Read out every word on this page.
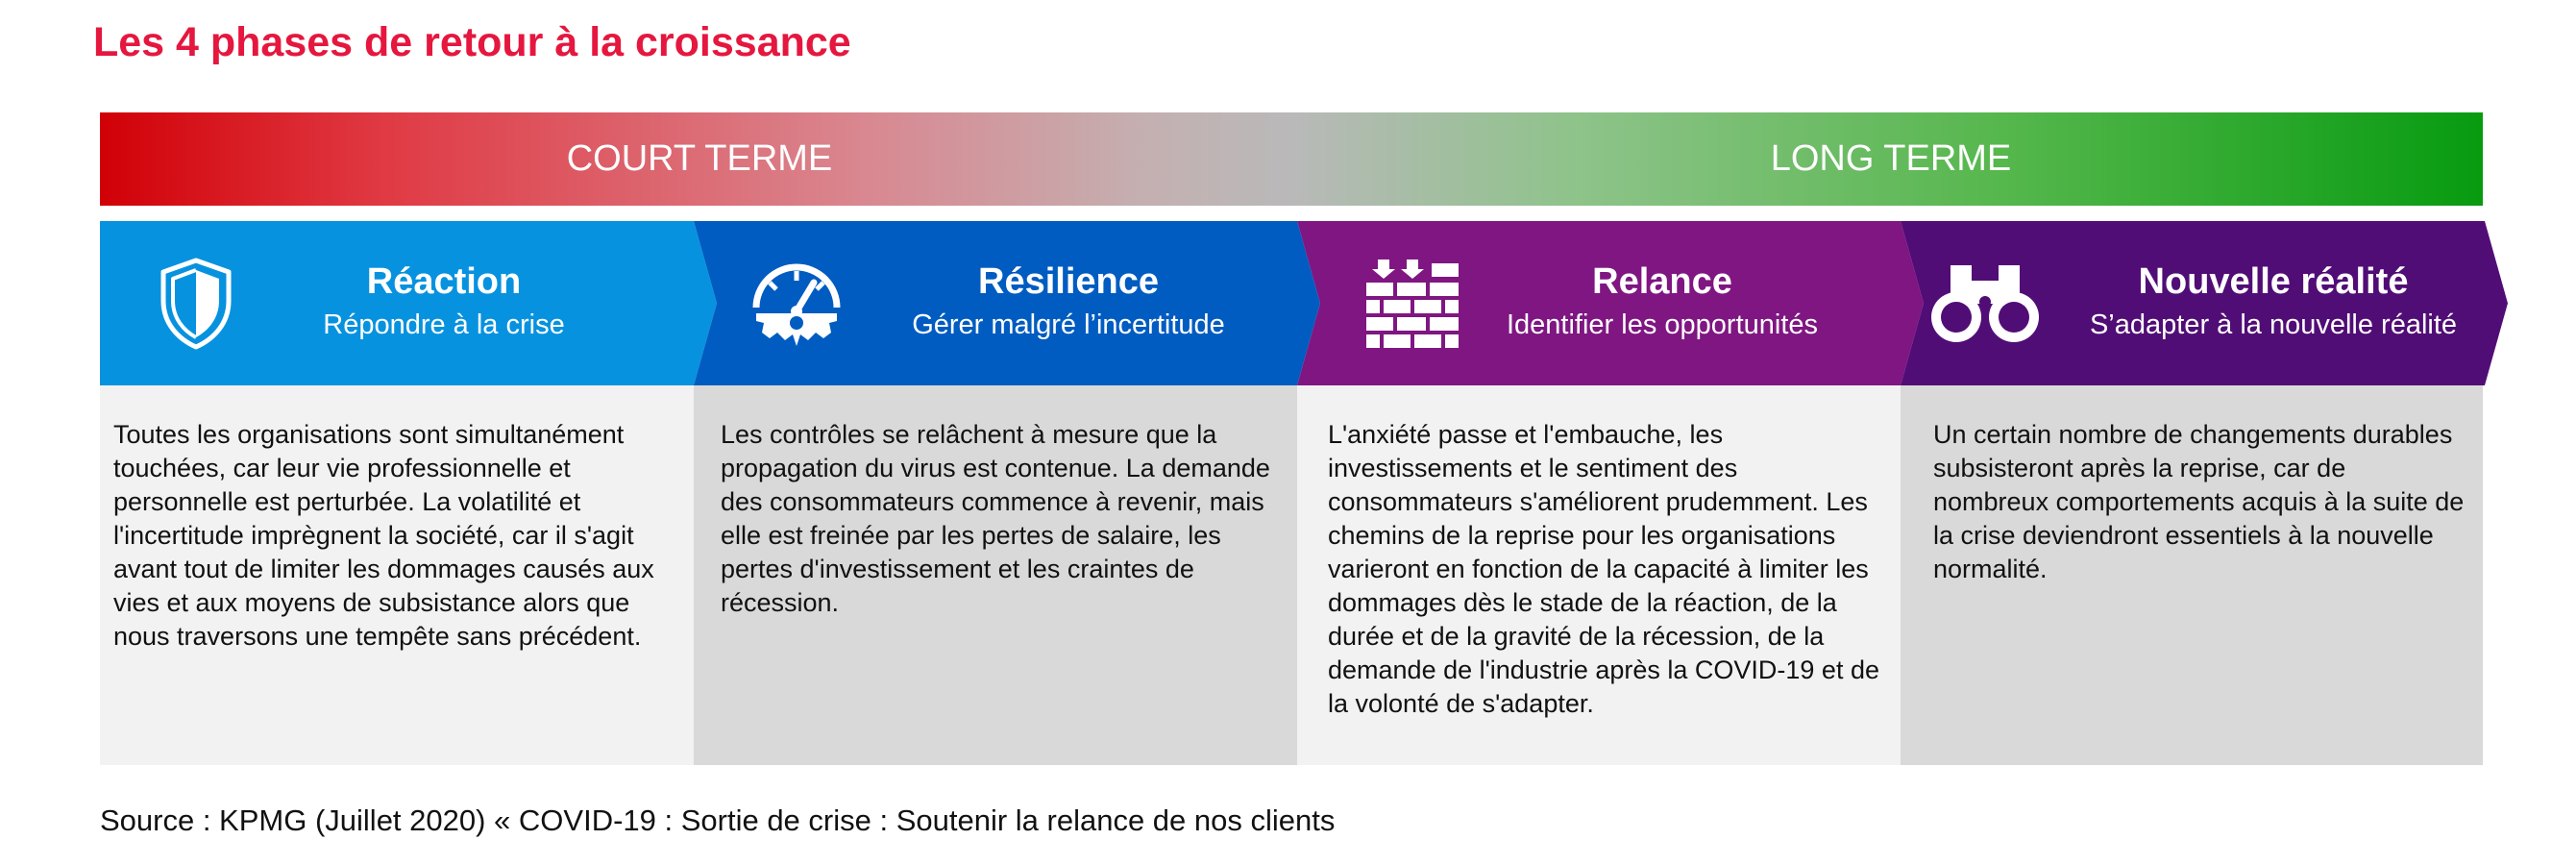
Les 4 phases de retour à la croissance
COURT TERME	LONG TERME
Réaction
Répondre à la crise
Résilience
Gérer malgré l’incertitude
Relance
Identifier les opportunités
Nouvelle réalité
S’adapter à la nouvelle réalité

Toutes les organisations sont simultanément touchées, car leur vie professionnelle et personnelle est perturbée. La volatilité et l'incertitude imprègnent la société, car il s'agit avant tout de limiter les dommages causés aux vies et aux moyens de subsistance alors que nous traversons une tempête sans précédent.

Les contrôles se relâchent à mesure que la propagation du virus est contenue. La demande des consommateurs commence à revenir, mais elle est freinée par les pertes de salaire, les pertes d'investissement et les craintes de récession.

L'anxiété passe et l'embauche, les investissements et le sentiment des consommateurs s'améliorent prudemment. Les chemins de la reprise pour les organisations varieront en fonction de la capacité à limiter les dommages dès le stade de la réaction, de la durée et de la gravité de la récession, de la demande de l'industrie après la COVID-19 et de la volonté de s'adapter.

Un certain nombre de changements durables subsisteront après la reprise, car de nombreux comportements acquis à la suite de la crise deviendront essentiels à la nouvelle normalité.

Source : KPMG (Juillet 2020) « COVID-19 : Sortie de crise : Soutenir la relance de nos clients
